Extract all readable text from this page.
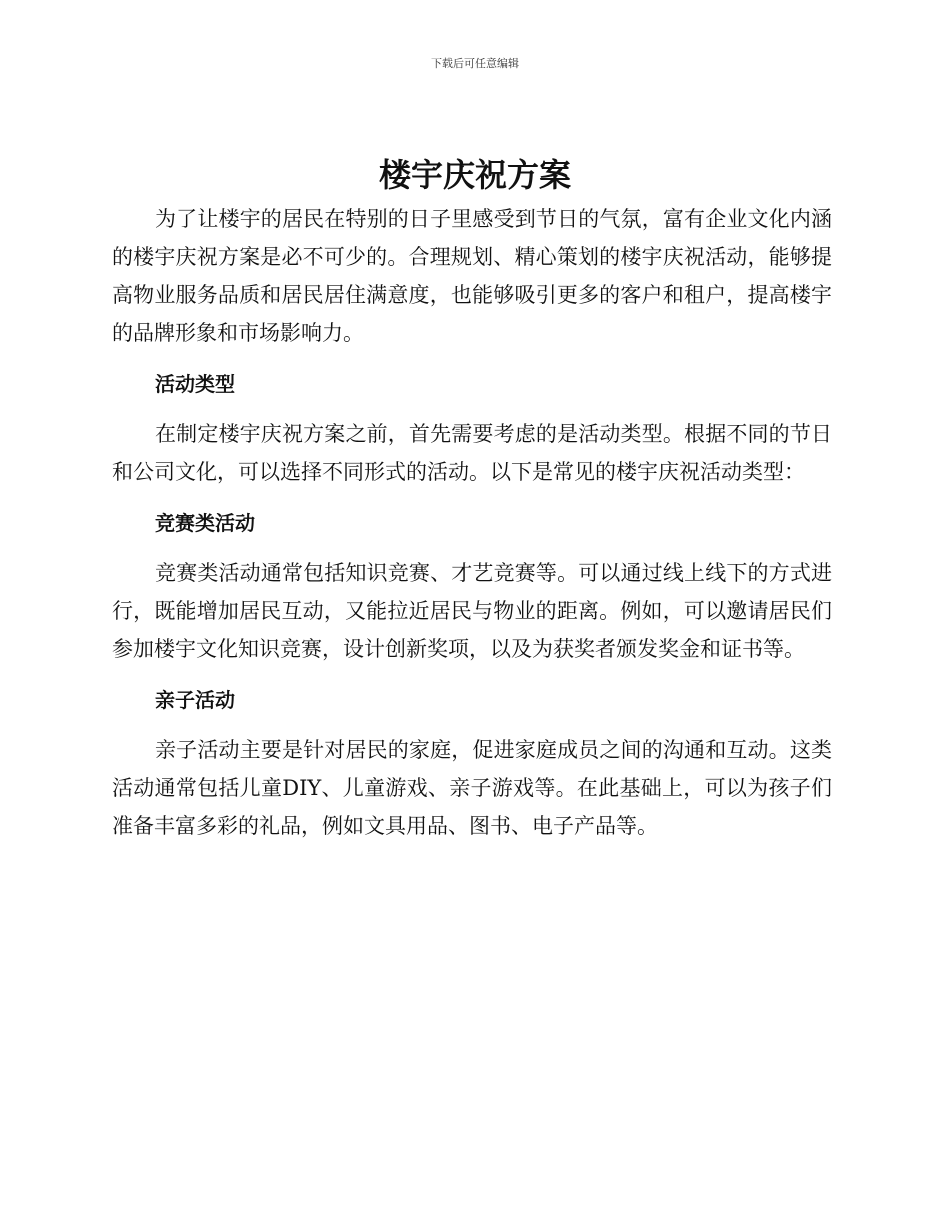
下载后可任意编辑
楼宇庆祝方案

为了让楼宇的居民在特别的日子里感受到节日的气氛，富有企业文化内涵的楼宇庆祝方案是必不可少的。合理规划、精心策划的楼宇庆祝活动，能够提高物业服务品质和居民居住满意度，也能够吸引更多的客户和租户，提高楼宇的品牌形象和市场影响力。

活动类型

在制定楼宇庆祝方案之前，首先需要考虑的是活动类型。根据不同的节日和公司文化，可以选择不同形式的活动。以下是常见的楼宇庆祝活动类型：

竞赛类活动

竞赛类活动通常包括知识竞赛、才艺竞赛等。可以通过线上线下的方式进行，既能增加居民互动，又能拉近居民与物业的距离。例如，可以邀请居民们参加楼宇文化知识竞赛，设计创新奖项，以及为获奖者颁发奖金和证书等。

亲子活动

亲子活动主要是针对居民的家庭，促进家庭成员之间的沟通和互动。这类活动通常包括儿童DIY、儿童游戏、亲子游戏等。在此基础上，可以为孩子们准备丰富多彩的礼品，例如文具用品、图书、电子产品等。
